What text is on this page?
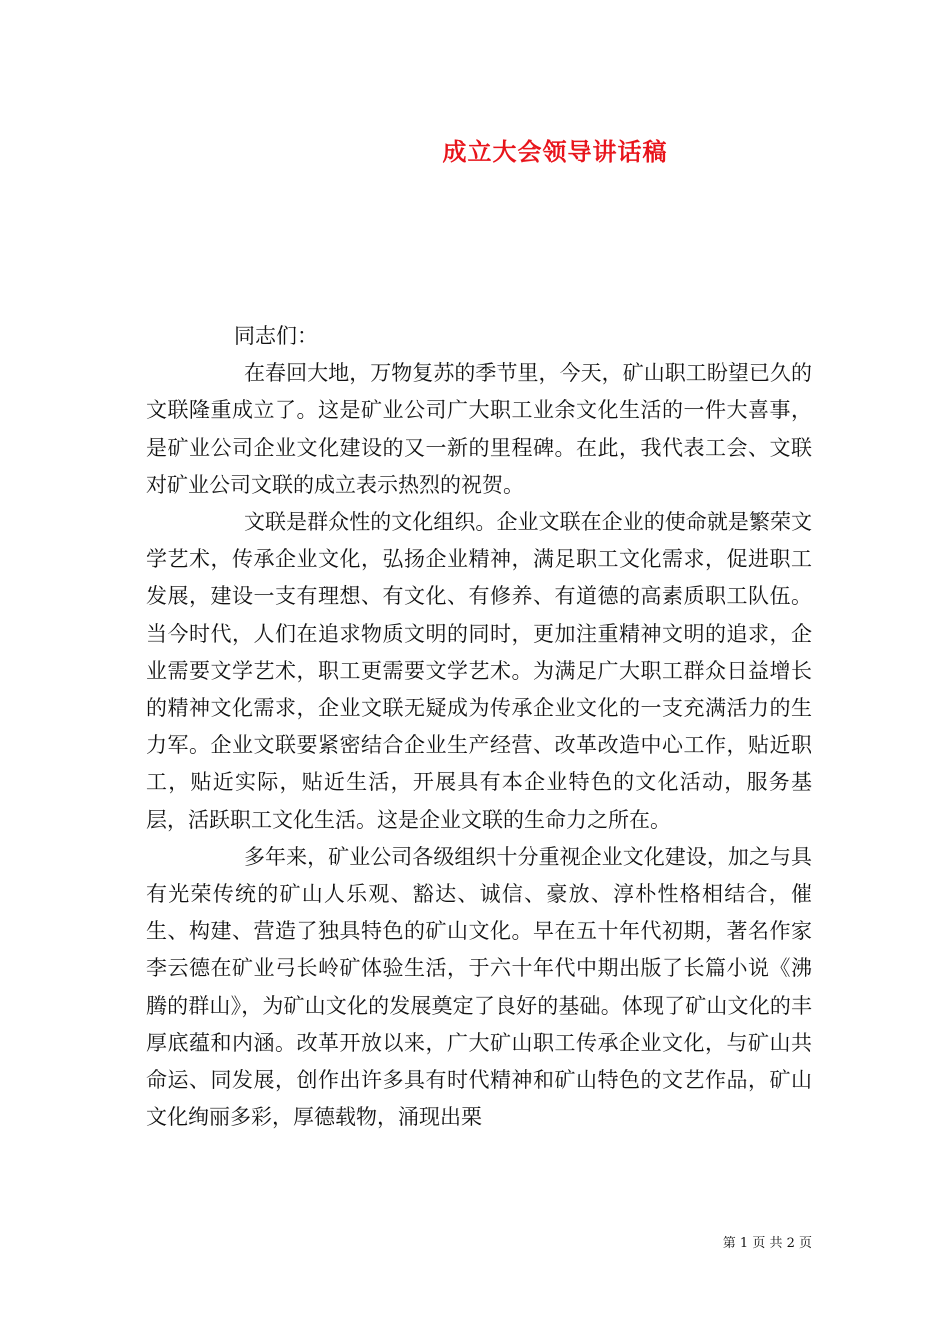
成立大会领导讲话稿

同志们：

在春回大地，万物复苏的季节里，今天，矿山职工盼望已久的文联隆重成立了。这是矿业公司广大职工业余文化生活的一件大喜事，是矿业公司企业文化建设的又一新的里程碑。在此，我代表工会、文联对矿业公司文联的成立表示热烈的祝贺。

文联是群众性的文化组织。企业文联在企业的使命就是繁荣文学艺术，传承企业文化，弘扬企业精神，满足职工文化需求，促进职工发展，建设一支有理想、有文化、有修养、有道德的高素质职工队伍。当今时代，人们在追求物质文明的同时，更加注重精神文明的追求，企业需要文学艺术，职工更需要文学艺术。为满足广大职工群众日益增长的精神文化需求，企业文联无疑成为传承企业文化的一支充满活力的生力军。企业文联要紧密结合企业生产经营、改革改造中心工作，贴近职工，贴近实际，贴近生活，开展具有本企业特色的文化活动，服务基层，活跃职工文化生活。这是企业文联的生命力之所在。

多年来，矿业公司各级组织十分重视企业文化建设，加之与具有光荣传统的矿山人乐观、豁达、诚信、豪放、淳朴性格相结合，催生、构建、营造了独具特色的矿山文化。早在五十年代初期，著名作家李云德在矿业弓长岭矿体验生活，于六十年代中期出版了长篇小说《沸腾的群山》，为矿山文化的发展奠定了良好的基础。体现了矿山文化的丰厚底蕴和内涵。改革开放以来，广大矿山职工传承企业文化，与矿山共命运、同发展，创作出许多具有时代精神和矿山特色的文艺作品，矿山文化绚丽多彩，厚德载物，涌现出栗

第 1 页 共 2 页
